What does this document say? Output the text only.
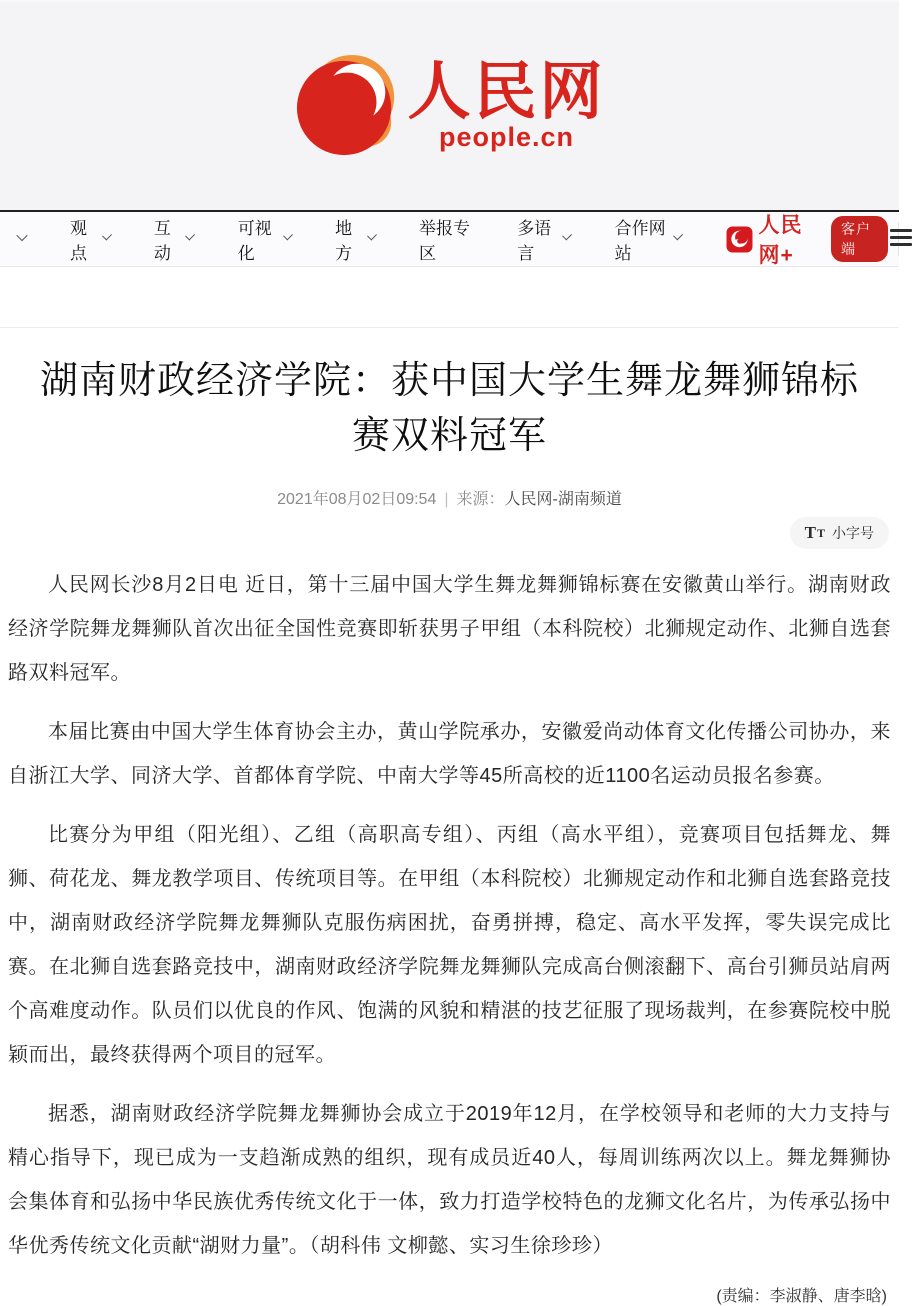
人民网
people.cn
观点
互动
可视化
地方
举报专区
多语言
合作网站
人民网+
客户端
湖南财政经济学院：获中国大学生舞龙舞狮锦标赛双料冠军
2021年08月02日09:54 | 来源：人民网-湖南频道
T T 小字号

人民网长沙8月2日电 近日，第十三届中国大学生舞龙舞狮锦标赛在安徽黄山举行。湖南财政经济学院舞龙舞狮队首次出征全国性竞赛即斩获男子甲组（本科院校）北狮规定动作、北狮自选套路双料冠军。

本届比赛由中国大学生体育协会主办，黄山学院承办，安徽爱尚动体育文化传播公司协办，来自浙江大学、同济大学、首都体育学院、中南大学等45所高校的近1100名运动员报名参赛。

比赛分为甲组（阳光组）、乙组（高职高专组）、丙组（高水平组），竞赛项目包括舞龙、舞狮、荷花龙、舞龙教学项目、传统项目等。在甲组（本科院校）北狮规定动作和北狮自选套路竞技中，湖南财政经济学院舞龙舞狮队克服伤病困扰，奋勇拼搏，稳定、高水平发挥，零失误完成比赛。在北狮自选套路竞技中，湖南财政经济学院舞龙舞狮队完成高台侧滚翻下、高台引狮员站肩两个高难度动作。队员们以优良的作风、饱满的风貌和精湛的技艺征服了现场裁判，在参赛院校中脱颖而出，最终获得两个项目的冠军。

据悉，湖南财政经济学院舞龙舞狮协会成立于2019年12月，在学校领导和老师的大力支持与精心指导下，现已成为一支趋渐成熟的组织，现有成员近40人，每周训练两次以上。舞龙舞狮协会集体育和弘扬中华民族优秀传统文化于一体，致力打造学校特色的龙狮文化名片，为传承弘扬中华优秀传统文化贡献“湖财力量”。（胡科伟 文柳懿、实习生徐珍珍）

(责编：李淑静、唐李晗)
